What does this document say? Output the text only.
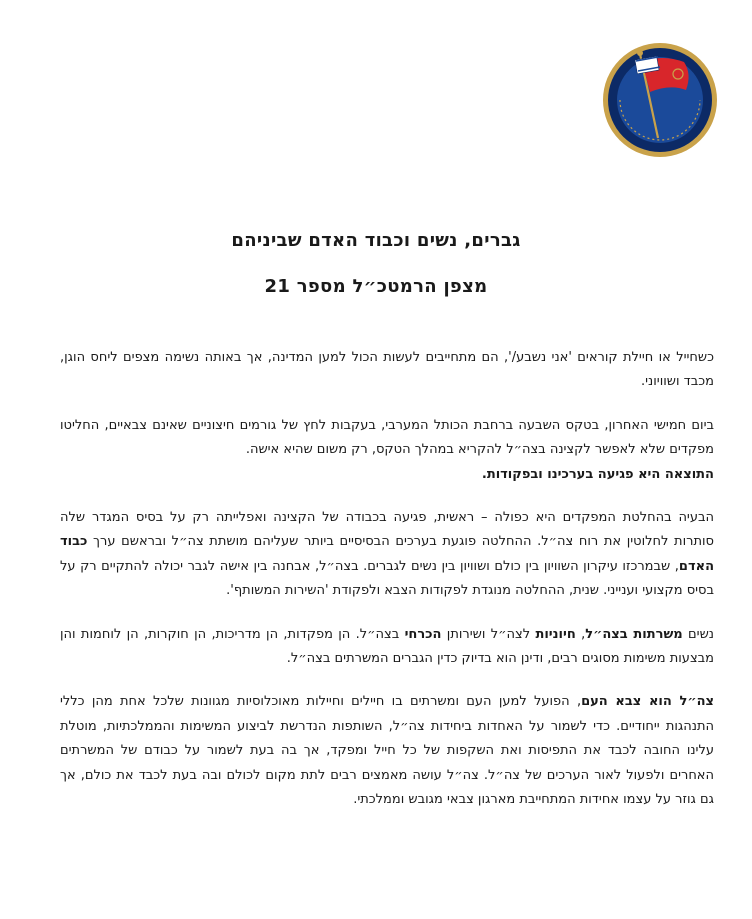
גברים, נשים וכבוד האדם שביניהם
מצפן הרמטכ״ל מספר 21

כשחייל או חיילת קוראים 'אני נשבע/', הם מתחייבים לעשות הכול למען המדינה, אך באותה נשימה מצפים ליחס הוגן, מכבד ושוויוני.

ביום חמישי האחרון, בטקס השבעה ברחבת הכותל המערבי, בעקבות לחץ של גורמים חיצוניים שאינם צבאיים, החליטו מפקדים שלא לאפשר לקצינה בצה״ל להקריא במהלך הטקס, רק משום שהיא אישה.
התוצאה היא פגיעה בערכינו ובפקודות.

הבעיה בהחלטת המפקדים היא כפולה – ראשית, פגיעה בכבודה של הקצינה ואפלייתה רק על בסיס המגדר שלה סותרות לחלוטין את רוח צה״ל. ההחלטה פוגעת בערכים הבסיסיים ביותר שעליהם מושתת צה״ל ובראשם ערך כבוד האדם, שבמרכזו עיקרון השוויון בין כולם ושוויון בין נשים לגברים. בצה״ל, אבחנה בין אישה לגבר יכולה להתקיים רק על בסיס מקצועי וענייני. שנית, ההחלטה מנוגדת לפקודות הצבא ולפקודת 'השירות המשותף'.

נשים משרתות בצה״ל, חיוניות לצה״ל ושירותן הכרחי בצה״ל. הן מפקדות, הן מדריכות, הן חוקרות, הן לוחמות והן מבצעות משימות מסוגים רבים, ודינן הוא בדיוק כדין הגברים המשרתים בצה״ל.

צה״ל הוא צבא העם, הפועל למען העם ומשרתים בו חיילים וחיילות מאוכלוסיות מגוונות שלכל אחת מהן כללי התנהגות ייחודיים. כדי לשמור על האחדות ביחידות צה״ל, השותפות הנדרשת לביצוע המשימות והממלכתיות, מוטלת עלינו החובה לכבד את התפיסות ואת השקפות של כל חייל ומפקד, אך בה בעת לשמור על כבודם של המשרתים האחרים ולפעול לאור הערכים של צה״ל. צה״ל עושה מאמצים רבים לתת מקום לכולם ובה בעת לכבד את כולם, אך גם גוזר על עצמו אחידות המתחייבת מארגון צבאי מגובש וממלכתי.
